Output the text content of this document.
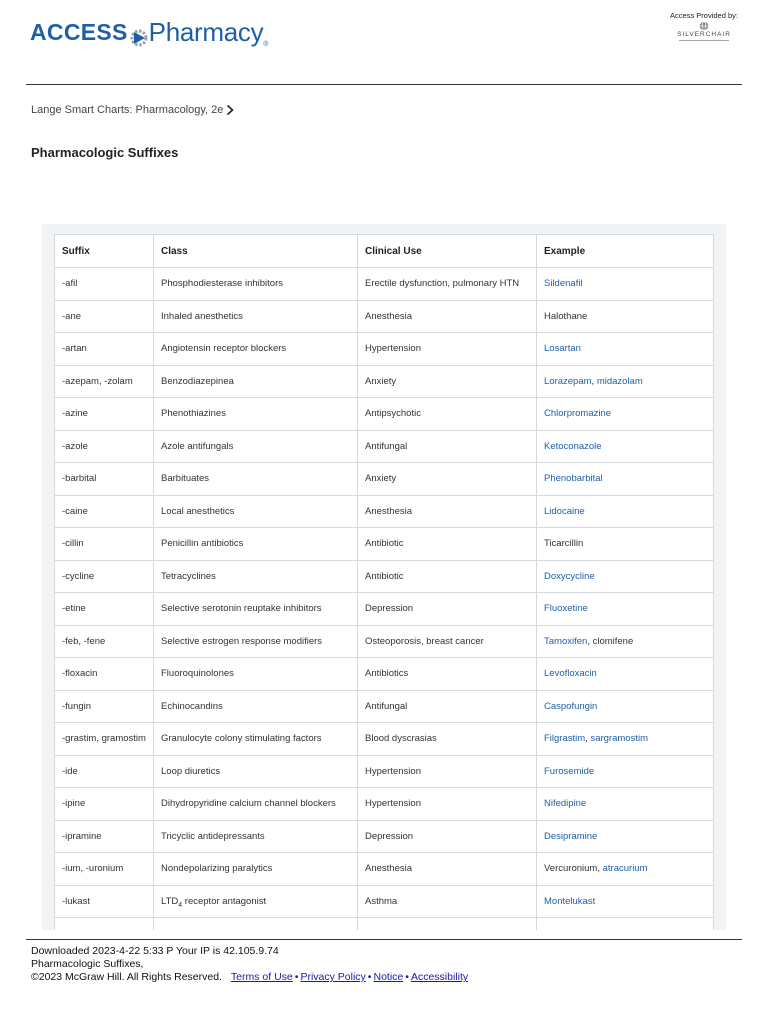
ACCESS Pharmacy ®
Access Provided by:
SILVERCHAIR
Lange Smart Charts: Pharmacology, 2e
Pharmacologic Suffixes
Suffix	Class	Clinical Use	Example
-afil	Phosphodiesterase inhibitors	Erectile dysfunction, pulmonary HTN	Sildenafil
-ane	Inhaled anesthetics	Anesthesia	Halothane
-artan	Angiotensin receptor blockers	Hypertension	Losartan
-azepam, -zolam	Benzodiazepinea	Anxiety	Lorazepam, midazolam
-azine	Phenothiazines	Antipsychotic	Chlorpromazine
-azole	Azole antifungals	Antifungal	Ketoconazole
-barbital	Barbituates	Anxiety	Phenobarbital
-caine	Local anesthetics	Anesthesia	Lidocaine
-cillin	Penicillin antibiotics	Antibiotic	Ticarcillin
-cycline	Tetracyclines	Antibiotic	Doxycycline
-etine	Selective serotonin reuptake inhibitors	Depression	Fluoxetine
-feb, -fene	Selective estrogen response modifiers	Osteoporosis, breast cancer	Tamoxifen, clomifene
-floxacin	Fluoroquinolones	Antibiotics	Levofloxacin
-fungin	Echinocandins	Antifungal	Caspofungin
-grastim, gramostim	Granulocyte colony stimulating factors	Blood dyscrasias	Filgrastim, sargramostim
-ide	Loop diuretics	Hypertension	Furosemide
-ipine	Dihydropyridine calcium channel blockers	Hypertension	Nifedipine
-ipramine	Tricyclic antidepressants	Depression	Desipramine
-ium, -uronium	Nondepolarizing paralytics	Anesthesia	Vercuronium, atracurium
-lukast	$LTD_4$ receptor antagonist	Asthma	Montelukast

Downloaded 2023-4-22 5:33 P Your IP is 42.105.9.74
Pharmacologic Suffixes,
©2023 McGraw Hill. All Rights Reserved. Terms of Use • Privacy Policy • Notice • Accessibility
